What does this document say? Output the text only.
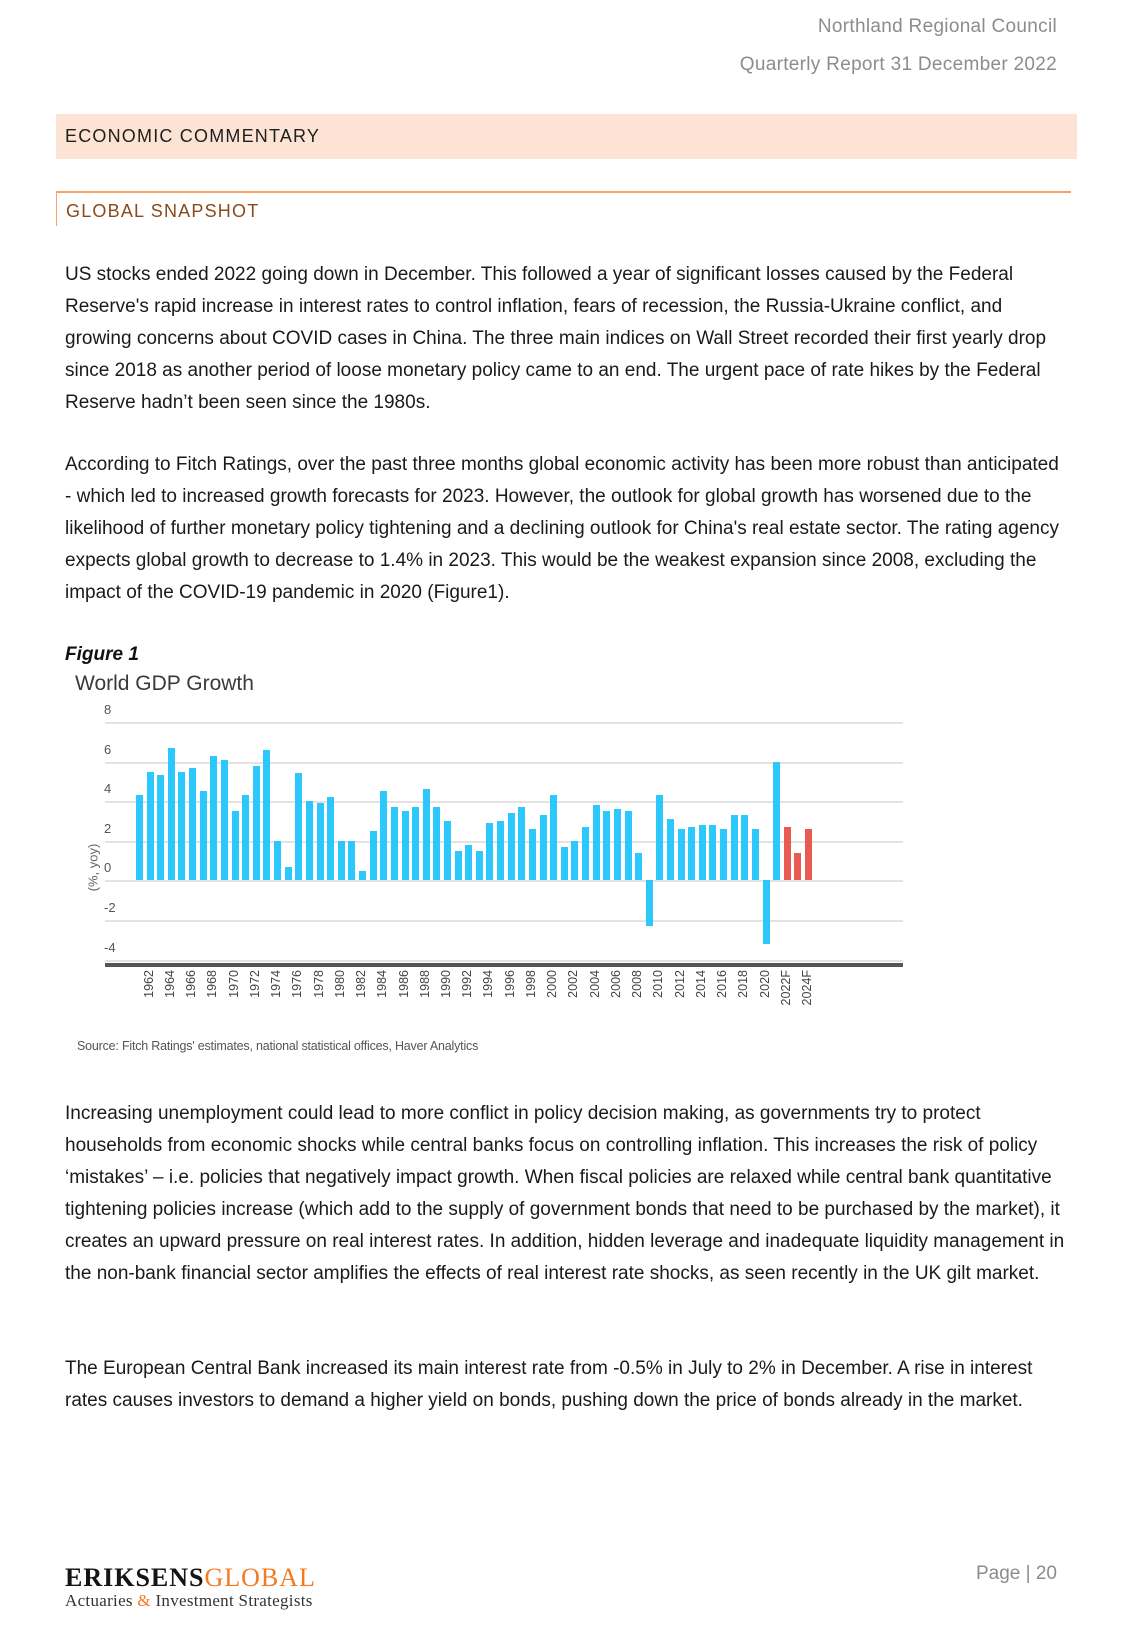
Northland Regional Council
Quarterly Report 31 December 2022
ECONOMIC COMMENTARY
GLOBAL SNAPSHOT

US stocks ended 2022 going down in December. This followed a year of significant losses caused by the Federal Reserve's rapid increase in interest rates to control inflation, fears of recession, the Russia-Ukraine conflict, and growing concerns about COVID cases in China. The three main indices on Wall Street recorded their first yearly drop since 2018 as another period of loose monetary policy came to an end. The urgent pace of rate hikes by the Federal Reserve hadn’t been seen since the 1980s.

According to Fitch Ratings, over the past three months global economic activity has been more robust than anticipated - which led to increased growth forecasts for 2023. However, the outlook for global growth has worsened due to the likelihood of further monetary policy tightening and a declining outlook for China's real estate sector. The rating agency expects global growth to decrease to 1.4% in 2023. This would be the weakest expansion since 2008, excluding the impact of the COVID-19 pandemic in 2020 (Figure1).

Figure 1
World GDP Growth
(%, yoy)
8
6
4
2
0
-2
-4
1962 1964 1966 1968 1970 1972 1974 1976 1978 1980 1982 1984 1986 1988 1990 1992 1994 1996 1998 2000 2002 2004 2006 2008 2010 2012 2014 2016 2018 2020 2022F 2024F
Source: Fitch Ratings' estimates, national statistical offices, Haver Analytics

Increasing unemployment could lead to more conflict in policy decision making, as governments try to protect households from economic shocks while central banks focus on controlling inflation. This increases the risk of policy ‘mistakes’ – i.e. policies that negatively impact growth. When fiscal policies are relaxed while central bank quantitative tightening policies increase (which add to the supply of government bonds that need to be purchased by the market), it creates an upward pressure on real interest rates. In addition, hidden leverage and inadequate liquidity management in the non-bank financial sector amplifies the effects of real interest rate shocks, as seen recently in the UK gilt market.

The European Central Bank increased its main interest rate from -0.5% in July to 2% in December. A rise in interest rates causes investors to demand a higher yield on bonds, pushing down the price of bonds already in the market.

ERIKSENSGLOBAL
Actuaries & Investment Strategists
Page | 20
